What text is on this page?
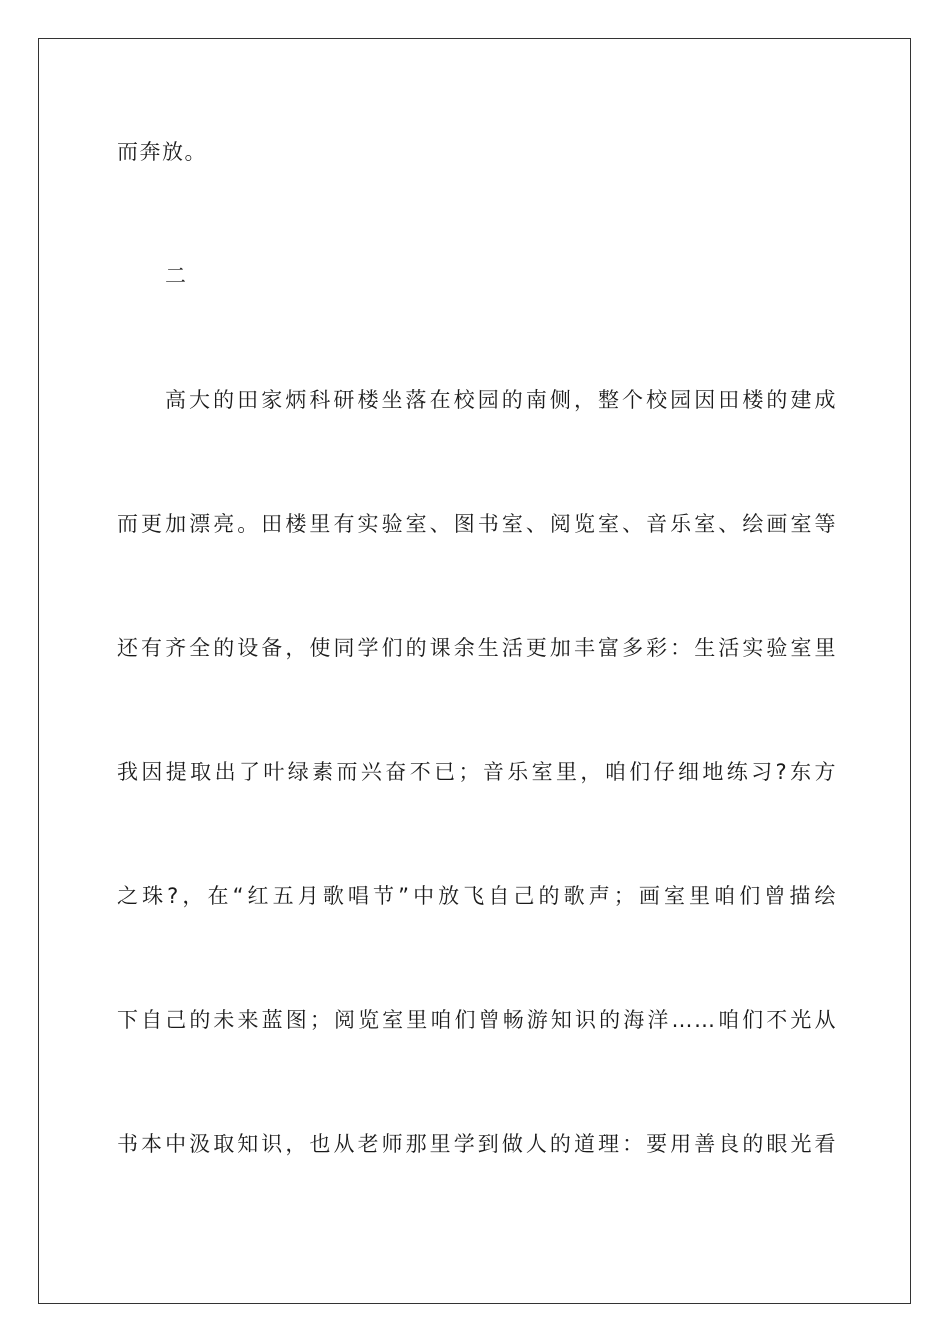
而奔放。
二
高大的田家炳科研楼坐落在校园的南侧，整个校园因田楼的建成
而更加漂亮。田楼里有实验室、图书室、阅览室、音乐室、绘画室等
还有齐全的设备，使同学们的课余生活更加丰富多彩：生活实验室里
我因提取出了叶绿素而兴奋不已；音乐室里，咱们仔细地练习?东方
之珠?，在“红五月歌唱节”中放飞自己的歌声；画室里咱们曾描绘
下自己的未来蓝图；阅览室里咱们曾畅游知识的海洋……咱们不光从
书本中汲取知识，也从老师那里学到做人的道理：要用善良的眼光看
